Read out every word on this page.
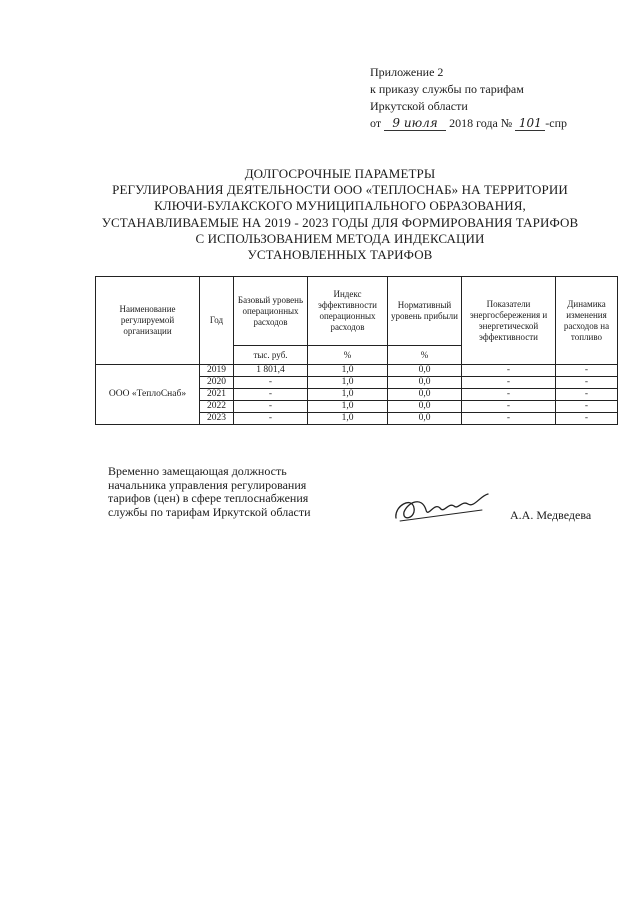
Приложение 2
к приказу службы по тарифам
Иркутской области
от 9 июля 2018 года № 101 -спр
ДОЛГОСРОЧНЫЕ ПАРАМЕТРЫ
РЕГУЛИРОВАНИЯ ДЕЯТЕЛЬНОСТИ ООО «ТЕПЛОСНАБ» НА ТЕРРИТОРИИ
КЛЮЧИ-БУЛАКСКОГО МУНИЦИПАЛЬНОГО ОБРАЗОВАНИЯ,
УСТАНАВЛИВАЕМЫЕ НА 2019 - 2023 ГОДЫ ДЛЯ ФОРМИРОВАНИЯ ТАРИФОВ
С ИСПОЛЬЗОВАНИЕМ МЕТОДА ИНДЕКСАЦИИ
УСТАНОВЛЕННЫХ ТАРИФОВ
Наименование регулируемой организации	Год	Базовый уровень операционных расходов	Индекс эффективности операционных расходов	Нормативный уровень прибыли	Показатели энергосбережения и энергетической эффективности	Динамика изменения расходов на топливо
		тыс. руб.	%	%		
ООО «ТеплоСнаб»	2019	1 801,4	1,0	0,0	-	-
	2020	-	1,0	0,0	-	-
	2021	-	1,0	0,0	-	-
	2022	-	1,0	0,0	-	-
	2023	-	1,0	0,0	-	-
Временно замещающая должность
начальника управления регулирования
тарифов (цен) в сфере теплоснабжения
службы по тарифам Иркутской области	А.А. Медведева
